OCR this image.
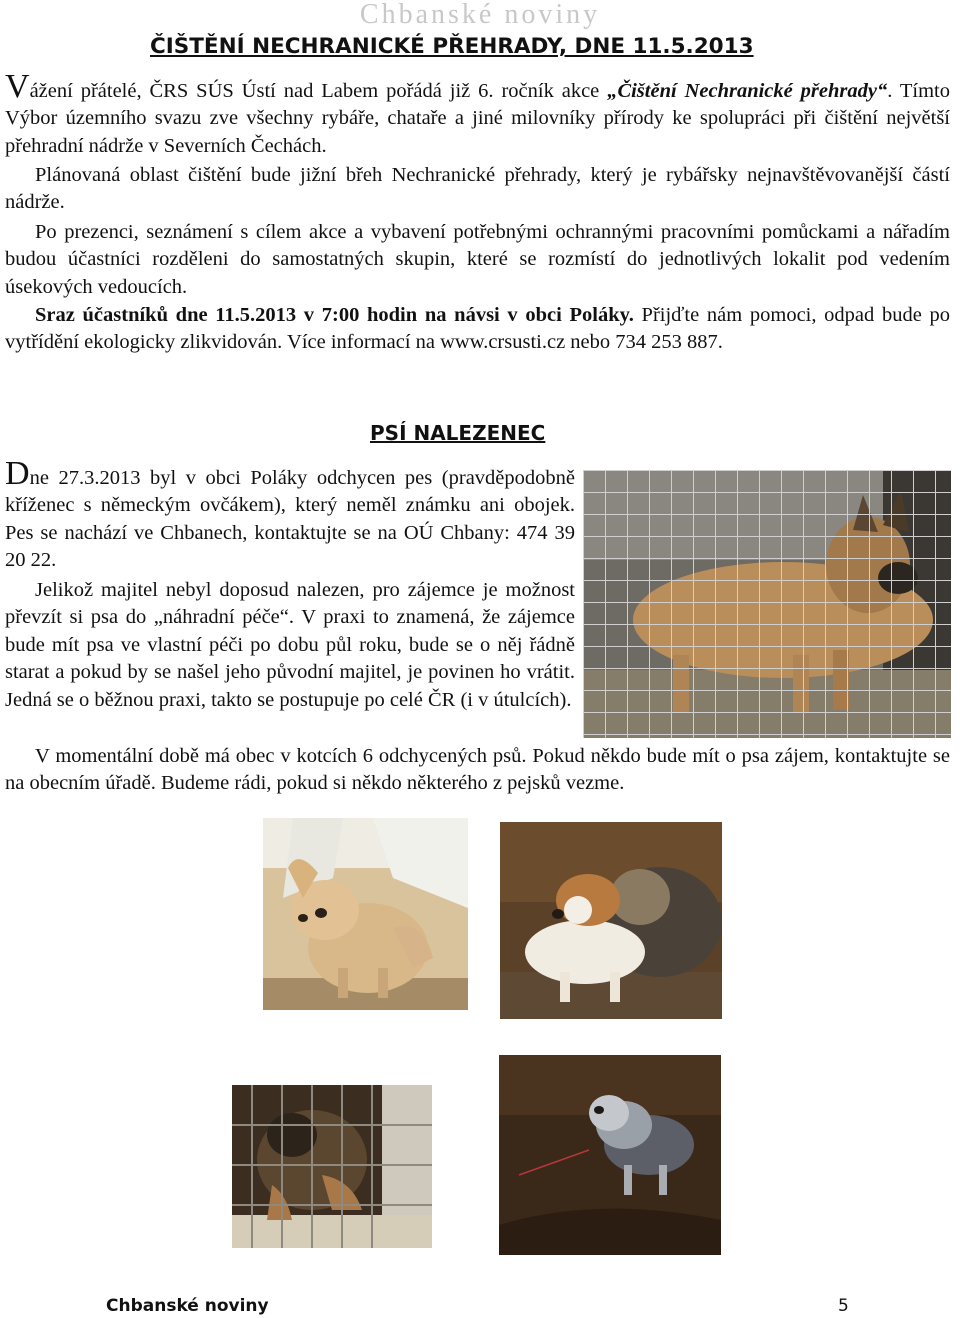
Chbanské noviny
ČIŠTĚNÍ NECHRANICKÉ PŘEHRADY, DNE 11.5.2013
Vážení přátelé, ČRS SÚS Ústí nad Labem pořádá již 6. ročník akce „Čištění Nechranické přehrady“. Tímto Výbor územního svazu zve všechny rybáře, chataře a jiné milovníky přírody ke spolupráci při čištění největší přehradní nádrže v Severních Čechách.
Plánovaná oblast čištění bude jižní břeh Nechranické přehrady, který je rybářsky nejnavštěvovanější částí nádrže.
Po prezenci, seznámení s cílem akce a vybavení potřebnými ochrannými pracovními pomůckami a nářadím budou účastníci rozděleni do samostatných skupin, které se rozmístí do jednotlivých lokalit pod vedením úsekových vedoucích.
Sraz účastníků dne 11.5.2013 v 7:00 hodin na návsi v obci Poláky. Přijďte nám pomoci, odpad bude po vytřídění ekologicky zlikvidován. Více informací na www.crsusti.cz nebo 734 253 887.
PSÍ NALEZENEC
Dne 27.3.2013 byl v obci Poláky odchycen pes (pravděpodobně kříženec s německým ovčákem), který neměl známku ani obojek. Pes se nachází ve Chbanech, kontaktujte se na OÚ Chbany: 474 39 20 22.
Jelikož majitel nebyl doposud nalezen, pro zájemce je možnost převzít si psa do „náhradní péče“. V praxi to znamená, že zájemce bude mít psa ve vlastní péči po dobu půl roku, bude se o něj řádně starat a pokud by se našel jeho původní majitel, je povinen ho vrátit. Jedná se o běžnou praxi, takto se postupuje po celé ČR (i v útulcích).
V momentální době má obec v kotcích 6 odchycených psů. Pokud někdo bude mít o psa zájem, kontaktujte se na obecním úřadě. Budeme rádi, pokud si někdo některého z pejsků vezme.
Chbanské noviny	5
